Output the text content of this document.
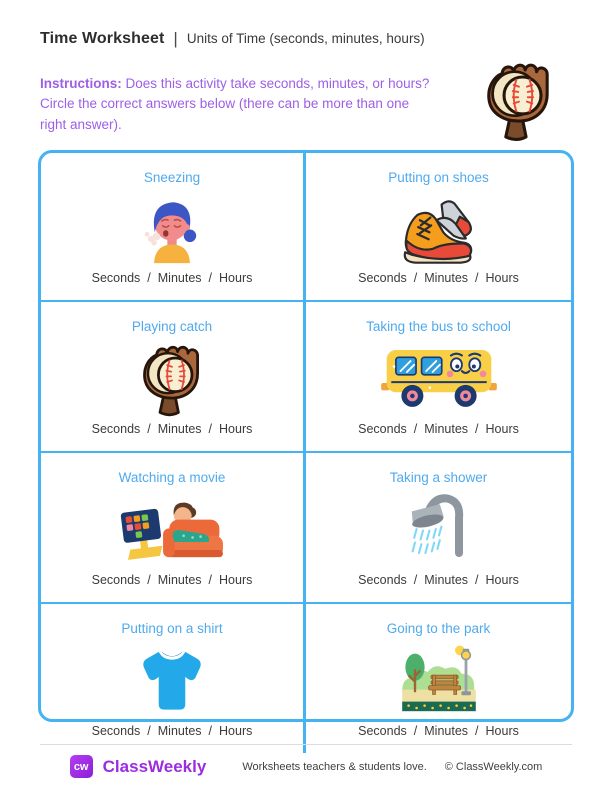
Time Worksheet | Units of Time (seconds, minutes, hours)
Instructions: Does this activity take seconds, minutes, or hours? Circle the correct answers below (there can be more than one right answer).
Sneezing
Seconds / Minutes / Hours
Putting on shoes
Seconds / Minutes / Hours
Playing catch
Seconds / Minutes / Hours
Taking the bus to school
Seconds / Minutes / Hours
Watching a movie
Seconds / Minutes / Hours
Taking a shower
Seconds / Minutes / Hours
Putting on a shirt
Seconds / Minutes / Hours
Going to the park
Seconds / Minutes / Hours
cw ClassWeekly	Worksheets teachers & students love. © ClassWeekly.com
